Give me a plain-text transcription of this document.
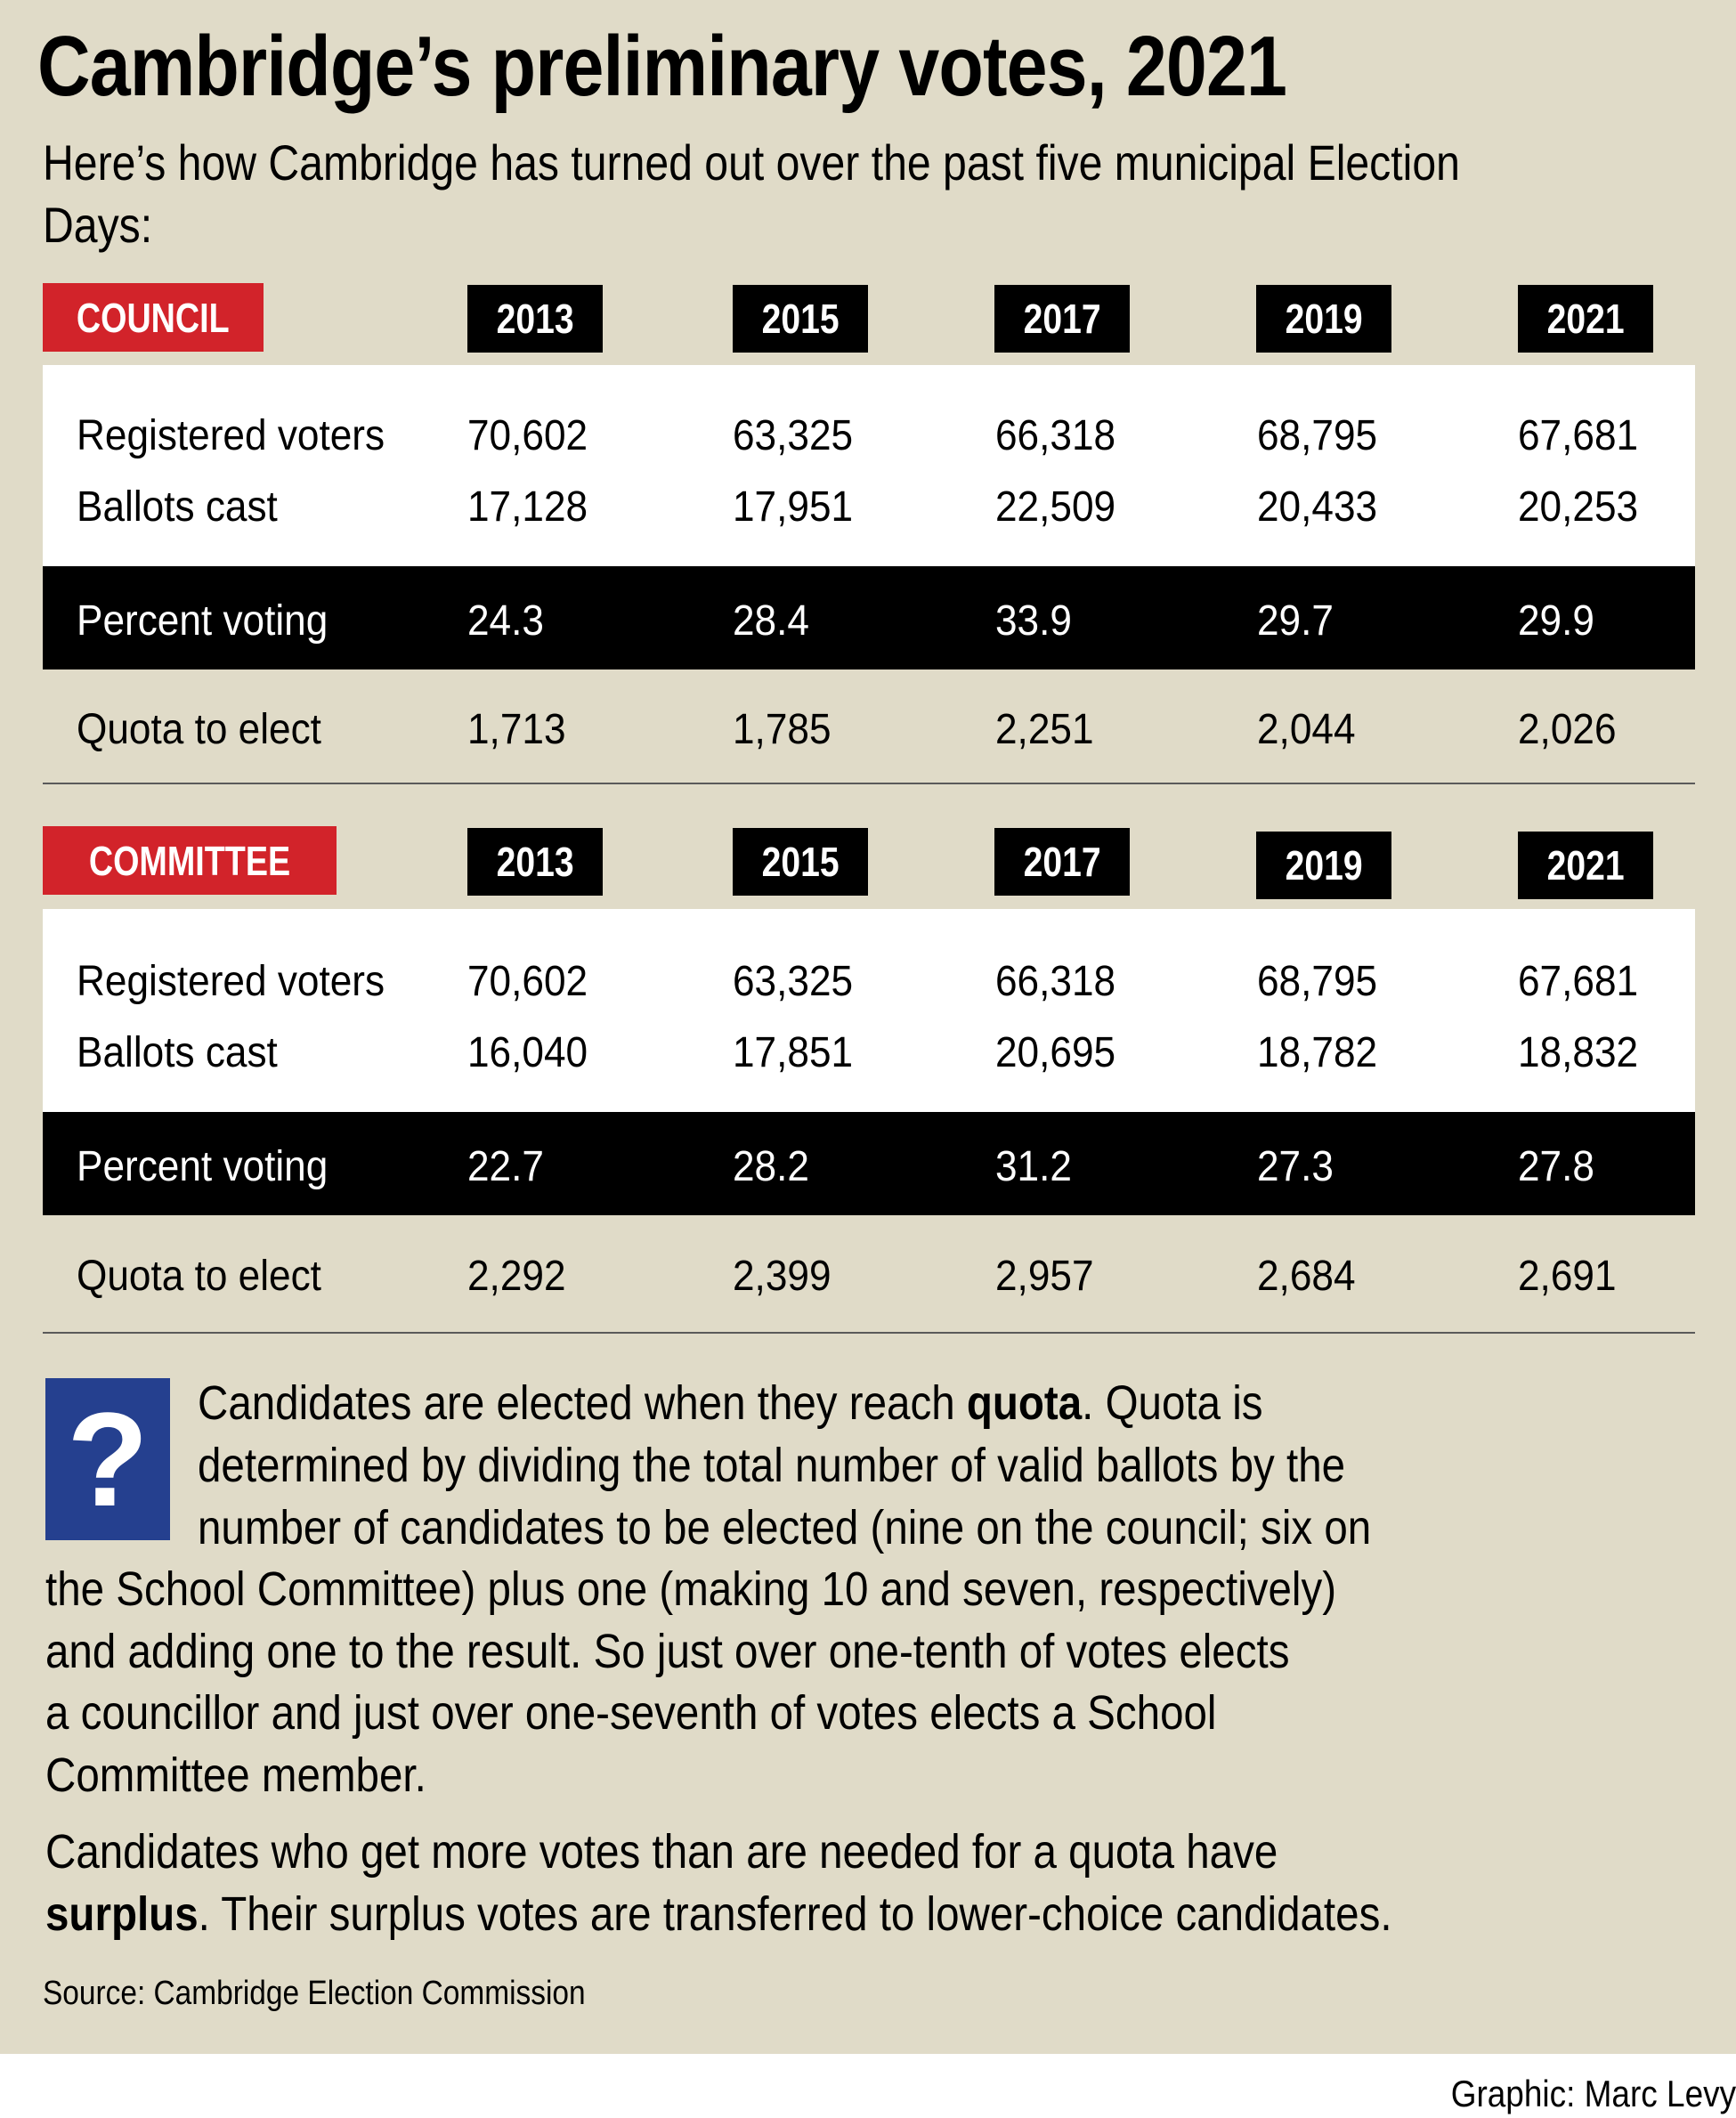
Cambridge’s preliminary votes, 2021
Here’s how Cambridge has turned out over the past five municipal Election Days:
COUNCIL	2013	2015	2017	2019	2021
Registered voters 70,602	63,325	66,318	68,795	67,681
Ballots cast	17,128	17,951	22,509	20,433	20,253
Percent voting	24.3	28.4	33.9	29.7	29.9
Quota to elect	1,713	1,785	2,251	2,044	2,026
COMMITTEE	2013	2015	2017	2019	2021
Registered voters 70,602	63,325	66,318	68,795	67,681
Ballots cast	16,040	17,851	20,695	18,782	18,832
Percent voting	22.7	28.2	31.2	27.3	27.8
Quota to elect	2,292	2,399	2,957	2,684	2,691
?	Candidates are elected when they reach quota. Quota is
determined by dividing the total number of valid ballots by the
number of candidates to be elected (nine on the council; six on
the School Committee) plus one (making 10 and seven, respectively)
and adding one to the result. So just over one-tenth of votes elects
a councillor and just over one-seventh of votes elects a School
Committee member.
Candidates who get more votes than are needed for a quota have
surplus. Their surplus votes are transferred to lower-choice candidates.
Source: Cambridge Election Commission
Graphic: Marc Levy
